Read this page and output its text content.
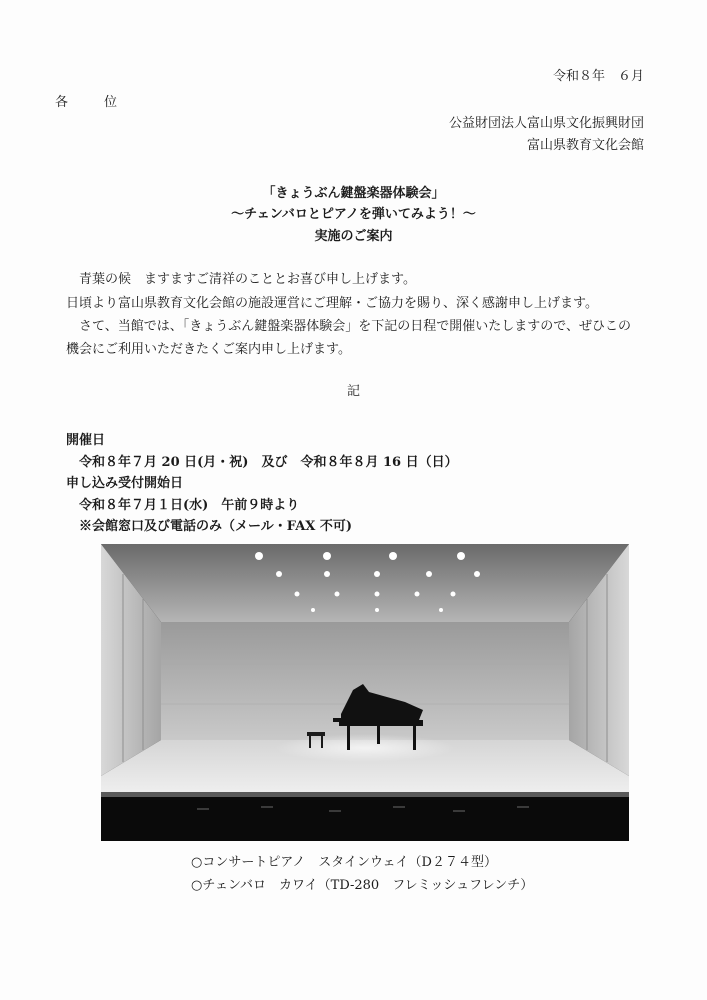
令和８年　６月
各位
公益財団法人富山県文化振興財団
富山県教育文化会館
「きょうぶん鍵盤楽器体験会」
〜チェンバロとピアノを弾いてみよう！〜
実施のご案内
青葉の候　ますますご清祥のこととお喜び申し上げます。
日頃より富山県教育文化会館の施設運営にご理解・ご協力を賜り、深く感謝申し上げます。
さて、当館では、「きょうぶん鍵盤楽器体験会」を下記の日程で開催いたしますので、ぜひこの
機会にご利用いただきたくご案内申し上げます。
記
開催日
令和８年７月 20 日(月・祝)　及び　令和８年８月 16 日（日）
申し込み受付開始日
令和８年７月１日(水)　午前９時より
※会館窓口及び電話のみ（メール・FAX 不可)
○コンサートピアノ　スタインウェイ（D２７４型）
○チェンバロ　カワイ（TD-280　フレミッシュフレンチ）
